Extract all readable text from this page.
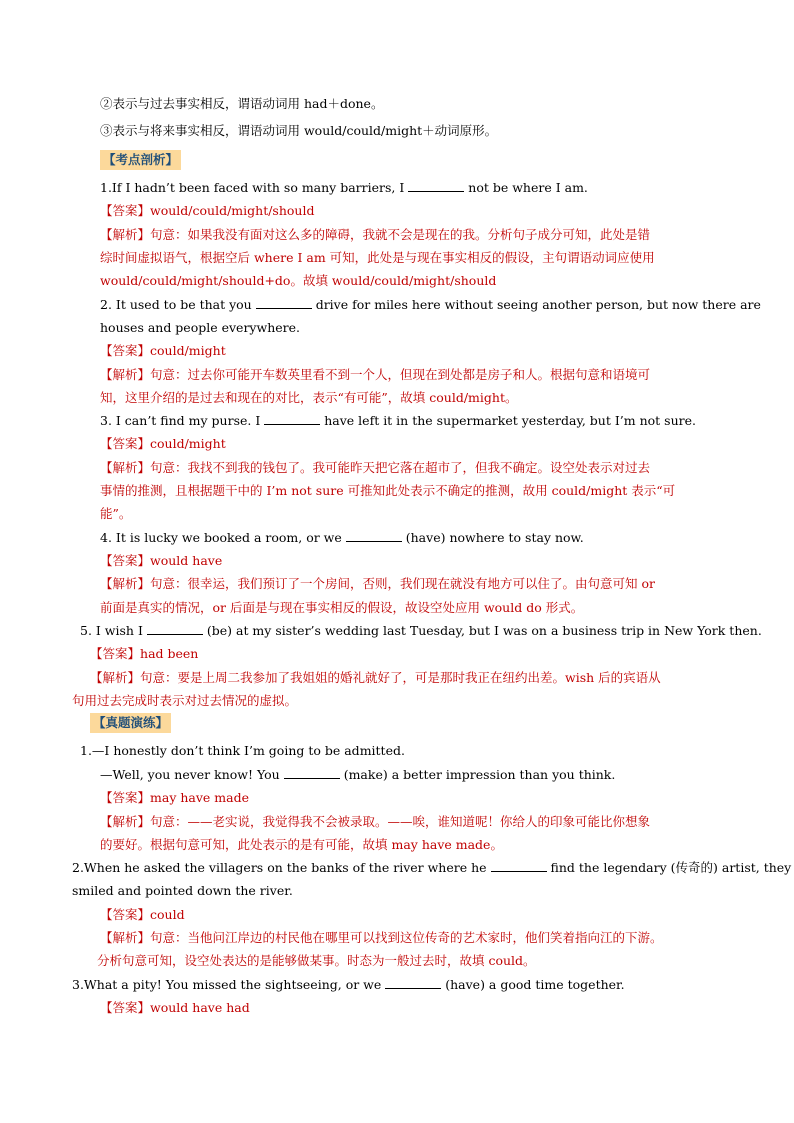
②表示与过去事实相反，谓语动词用 had＋done。
③表示与将来事实相反，谓语动词用 would/could/might＋动词原形。
【考点剖析】
1.If I hadn’t been faced with so many barriers, I	not be where I am.
【答案】would/could/might/should
【解析】句意：如果我没有面对这么多的障碍，我就不会是现在的我。分析句子成分可知，此处是错
综时间虚拟语气，根据空后 where I am 可知，此处是与现在事实相反的假设，主句谓语动词应使用
would/could/might/should+do。故填 would/could/might/should
2. It used to be that you	drive for miles here without seeing another person, but now there are
houses and people everywhere.
【答案】could/might
【解析】句意：过去你可能开车数英里看不到一个人，但现在到处都是房子和人。根据句意和语境可
知，这里介绍的是过去和现在的对比，表示“有可能”，故填 could/might。
3. I can’t find my purse. I	have left it in the supermarket yesterday, but I’m not sure.
【答案】could/might
【解析】句意：我找不到我的钱包了。我可能昨天把它落在超市了，但我不确定。设空处表示对过去
事情的推测，且根据题干中的 I’m not sure 可推知此处表示不确定的推测，故用 could/might 表示“可
能”。
4. It is lucky we booked a room, or we	(have) nowhere to stay now.
【答案】would have
【解析】句意：很幸运，我们预订了一个房间，否则，我们现在就没有地方可以住了。由句意可知 or
前面是真实的情况，or 后面是与现在事实相反的假设，故设空处应用 would do 形式。
5. I wish I	(be) at my sister’s wedding last Tuesday, but I was on a business trip in New York then.
【答案】had been
【解析】句意：要是上周二我参加了我姐姐的婚礼就好了，可是那时我正在纽约出差。wish 后的宾语从
句用过去完成时表示对过去情况的虚拟。
【真题演练】
1.—I honestly don’t think I’m going to be admitted.
—Well, you never know! You	(make) a better impression than you think.
【答案】may have made
【解析】句意：——老实说，我觉得我不会被录取。——唉，谁知道呢！你给人的印象可能比你想象
的要好。根据句意可知，此处表示的是有可能，故填 may have made。
2.When he asked the villagers on the banks of the river where he	find the legendary (传奇的) artist, they
smiled and pointed down the river.
【答案】could
【解析】句意：当他问江岸边的村民他在哪里可以找到这位传奇的艺术家时，他们笑着指向江的下游。
分析句意可知，设空处表达的是能够做某事。时态为一般过去时，故填 could。
3.What a pity! You missed the sightseeing, or we	(have) a good time together.
【答案】would have had
